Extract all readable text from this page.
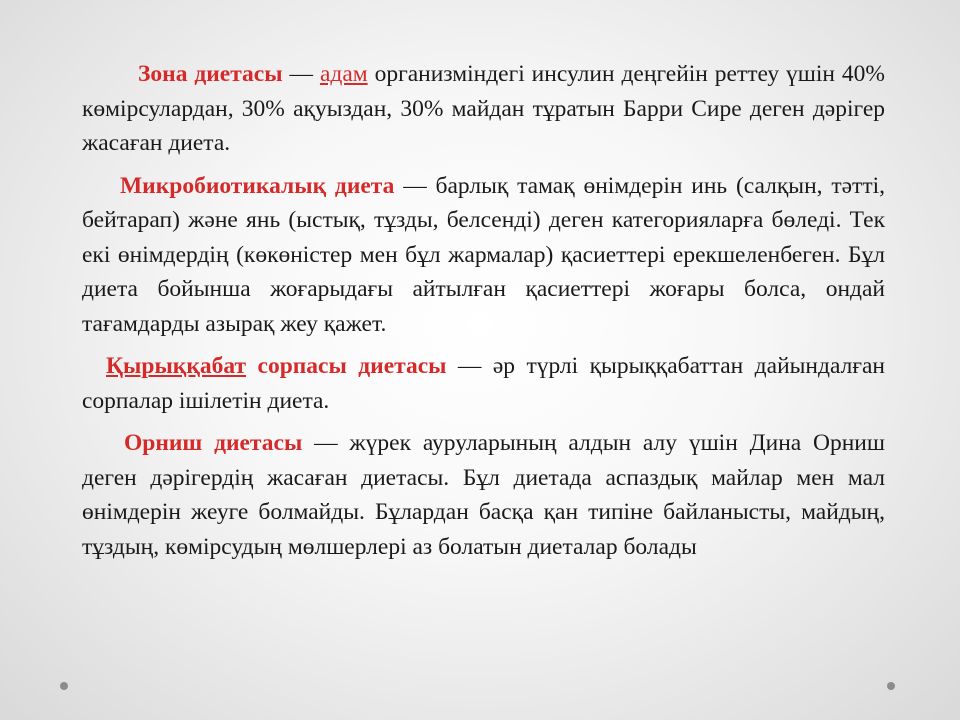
Зона диетасы — адам организміндегі инсулин деңгейін реттеу үшін 40% көмірсулардан, 30% ақуыздан, 30% майдан тұратын Барри Сире деген дәрігер жасаған диета.

Микробиотикалық диета — барлық тамақ өнімдерін инь (салқын, тәтті, бейтарап) және янь (ыстық, тұзды, белсенді) деген категорияларға бөледі. Тек екі өнімдердің (көкөністер мен бұл жармалар) қасиеттері ерекшеленбеген. Бұл диета бойынша жоғарыдағы айтылған қасиеттері жоғары болса, ондай тағамдарды азырақ жеу қажет.

Қырыққабат сорпасы диетасы — әр түрлі қырыққабаттан дайындалған сорпалар ішілетін диета.

Орниш диетасы — жүрек ауруларының алдын алу үшін Дина Орниш деген дәрігердің жасаған диетасы. Бұл диетада аспаздық майлар мен мал өнімдерін жеуге болмайды. Бұлардан басқа қан типіне байланысты, майдың, тұздың, көмірсудың мөлшерлері аз болатын диеталар болады
